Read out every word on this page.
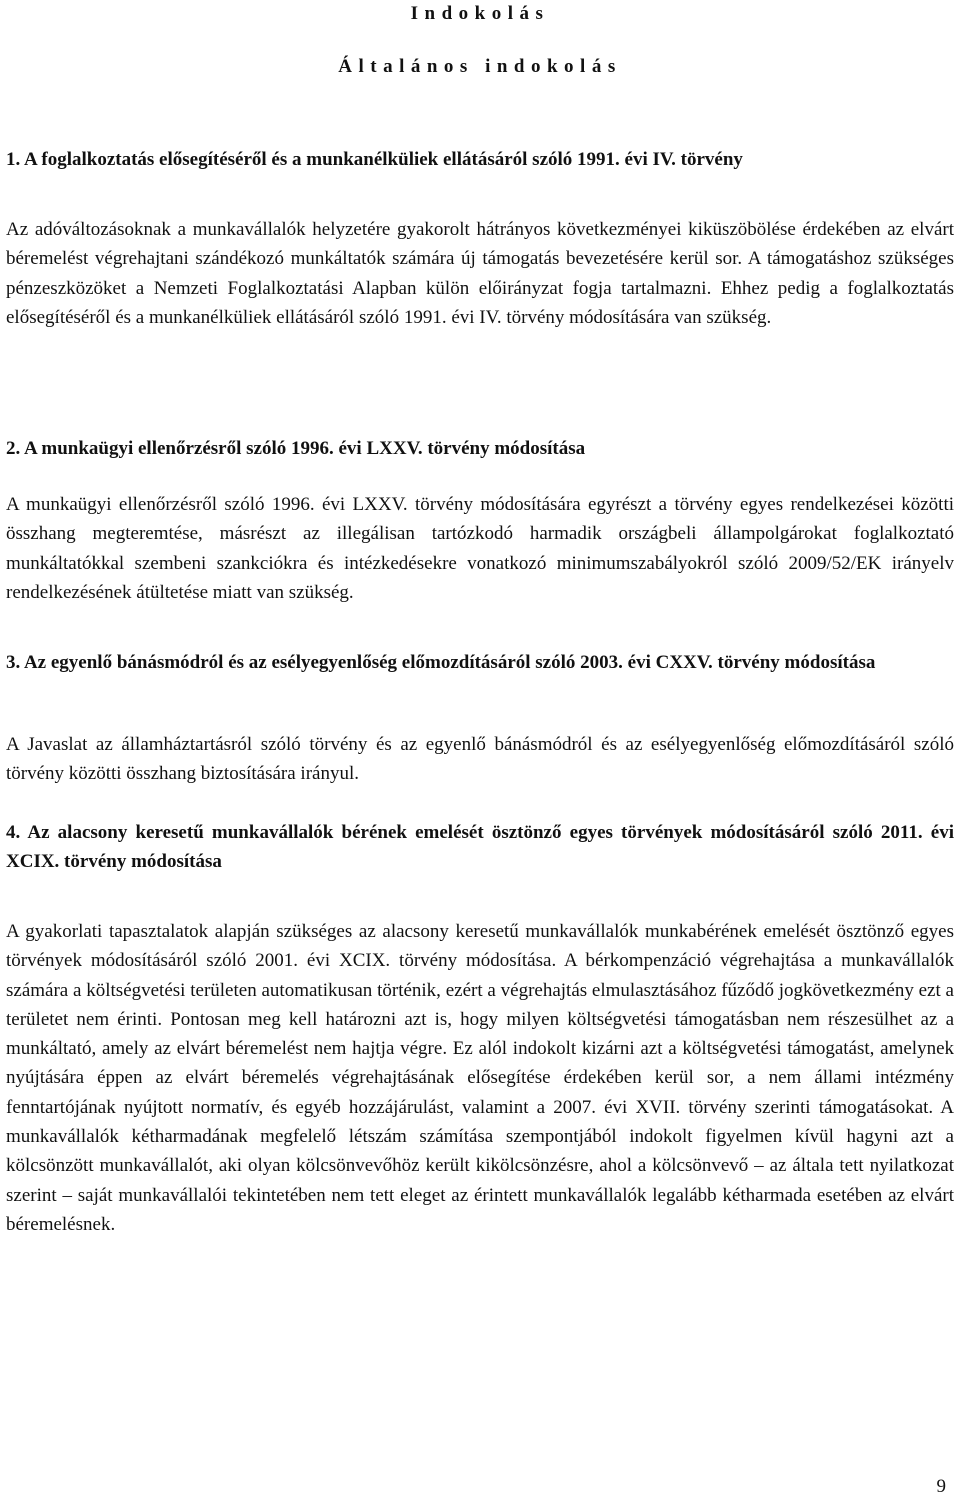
Indokolás
Általános indokolás

1. A foglalkoztatás elősegítéséről és a munkanélküliek ellátásáról szóló 1991. évi IV. törvény

Az adóváltozásoknak a munkavállalók helyzetére gyakorolt hátrányos következményei kiküszöbölése érdekében az elvárt béremelést végrehajtani szándékozó munkáltatók számára új támogatás bevezetésére kerül sor. A támogatáshoz szükséges pénzeszközöket a Nemzeti Foglalkoztatási Alapban külön előirányzat fogja tartalmazni. Ehhez pedig a foglalkoztatás elősegítéséről és a munkanélküliek ellátásáról szóló 1991. évi IV. törvény módosítására van szükség.

2. A munkaügyi ellenőrzésről szóló 1996. évi LXXV. törvény módosítása

A munkaügyi ellenőrzésről szóló 1996. évi LXXV. törvény módosítására egyrészt a törvény egyes rendelkezései közötti összhang megteremtése, másrészt az illegálisan tartózkodó harmadik országbeli állampolgárokat foglalkoztató munkáltatókkal szembeni szankciókra és intézkedésekre vonatkozó minimumszabályokról szóló 2009/52/EK irányelv rendelkezésének átültetése miatt van szükség.

3. Az egyenlő bánásmódról és az esélyegyenlőség előmozdításáról szóló 2003. évi CXXV. törvény módosítása

A Javaslat az államháztartásról szóló törvény és az egyenlő bánásmódról és az esélyegyenlőség előmozdításáról szóló törvény közötti összhang biztosítására irányul.

4. Az alacsony keresetű munkavállalók bérének emelését ösztönző egyes törvények módosításáról szóló 2011. évi XCIX. törvény módosítása

A gyakorlati tapasztalatok alapján szükséges az alacsony keresetű munkavállalók munkabérének emelését ösztönző egyes törvények módosításáról szóló 2001. évi XCIX. törvény módosítása. A bérkompenzáció végrehajtása a munkavállalók számára a költségvetési területen automatikusan történik, ezért a végrehajtás elmulasztásához fűződő jogkövetkezmény ezt a területet nem érinti. Pontosan meg kell határozni azt is, hogy milyen költségvetési támogatásban nem részesülhet az a munkáltató, amely az elvárt béremelést nem hajtja végre. Ez alól indokolt kizárni azt a költségvetési támogatást, amelynek nyújtására éppen az elvárt béremelés végrehajtásának elősegítése érdekében kerül sor, a nem állami intézmény fenntartójának nyújtott normatív, és egyéb hozzájárulást, valamint a 2007. évi XVII. törvény szerinti támogatásokat. A munkavállalók kétharmadának megfelelő létszám számítása szempontjából indokolt figyelmen kívül hagyni azt a kölcsönzött munkavállalót, aki olyan kölcsönvevőhöz került kikölcsönzésre, ahol a kölcsönvevő – az általa tett nyilatkozat szerint – saját munkavállalói tekintetében nem tett eleget az érintett munkavállalók legalább kétharmada esetében az elvárt béremelésnek.

9
